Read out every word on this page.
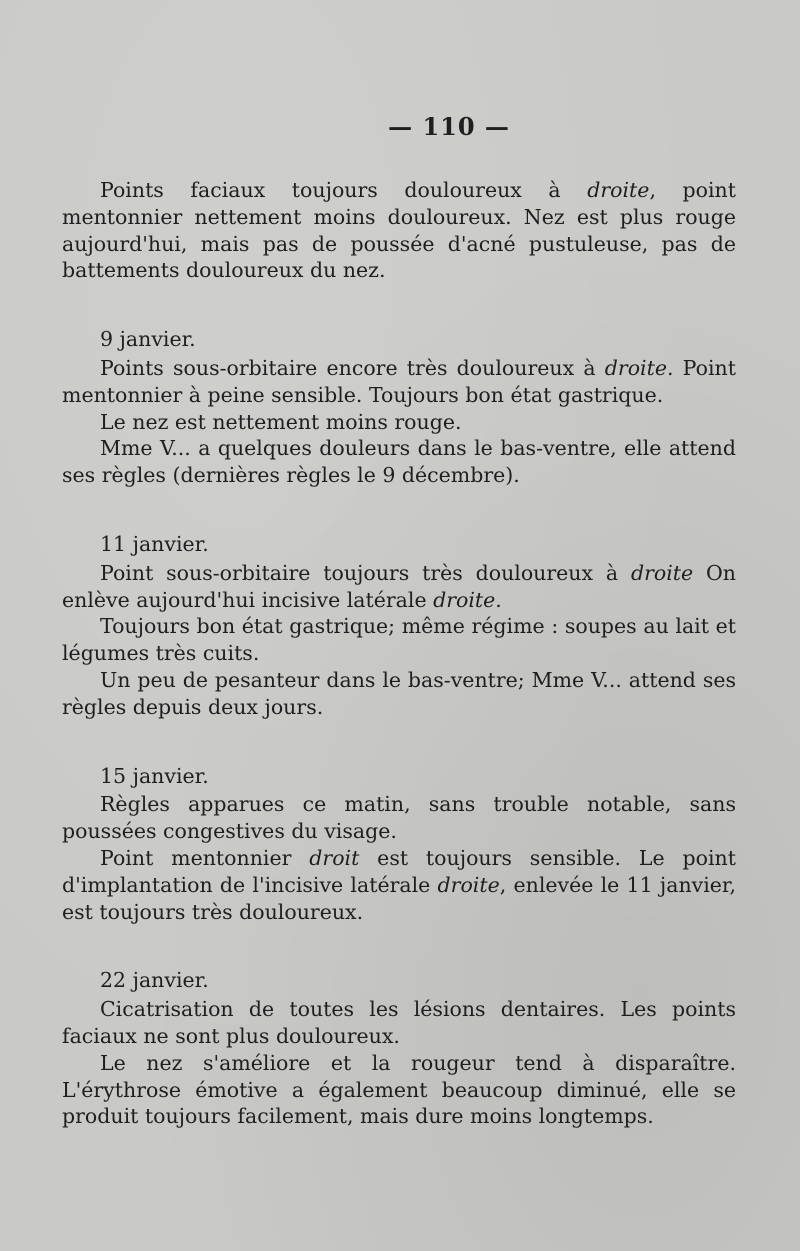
— 110 —

Points faciaux toujours douloureux à droite, point mentonnier nettement moins douloureux. Nez est plus rouge aujourd'hui, mais pas de poussée d'acné pustuleuse, pas de battements douloureux du nez.

9 janvier.

Points sous-orbitaire encore très douloureux à droite. Point mentonnier à peine sensible. Toujours bon état gastrique.

Le nez est nettement moins rouge.

Mme V... a quelques douleurs dans le bas-ventre, elle attend ses règles (dernières règles le 9 décembre).

11 janvier.

Point sous-orbitaire toujours très douloureux à droite On enlève aujourd'hui incisive latérale droite.

Toujours bon état gastrique; même régime : soupes au lait et légumes très cuits.

Un peu de pesanteur dans le bas-ventre; Mme V... attend ses règles depuis deux jours.

15 janvier.

Règles apparues ce matin, sans trouble notable, sans poussées congestives du visage.

Point mentonnier droit est toujours sensible. Le point d'implantation de l'incisive latérale droite, enlevée le 11 janvier, est toujours très douloureux.

22 janvier.

Cicatrisation de toutes les lésions dentaires. Les points faciaux ne sont plus douloureux.

Le nez s'améliore et la rougeur tend à disparaître. L'érythrose émotive a également beaucoup diminué, elle se produit toujours facilement, mais dure moins longtemps.
